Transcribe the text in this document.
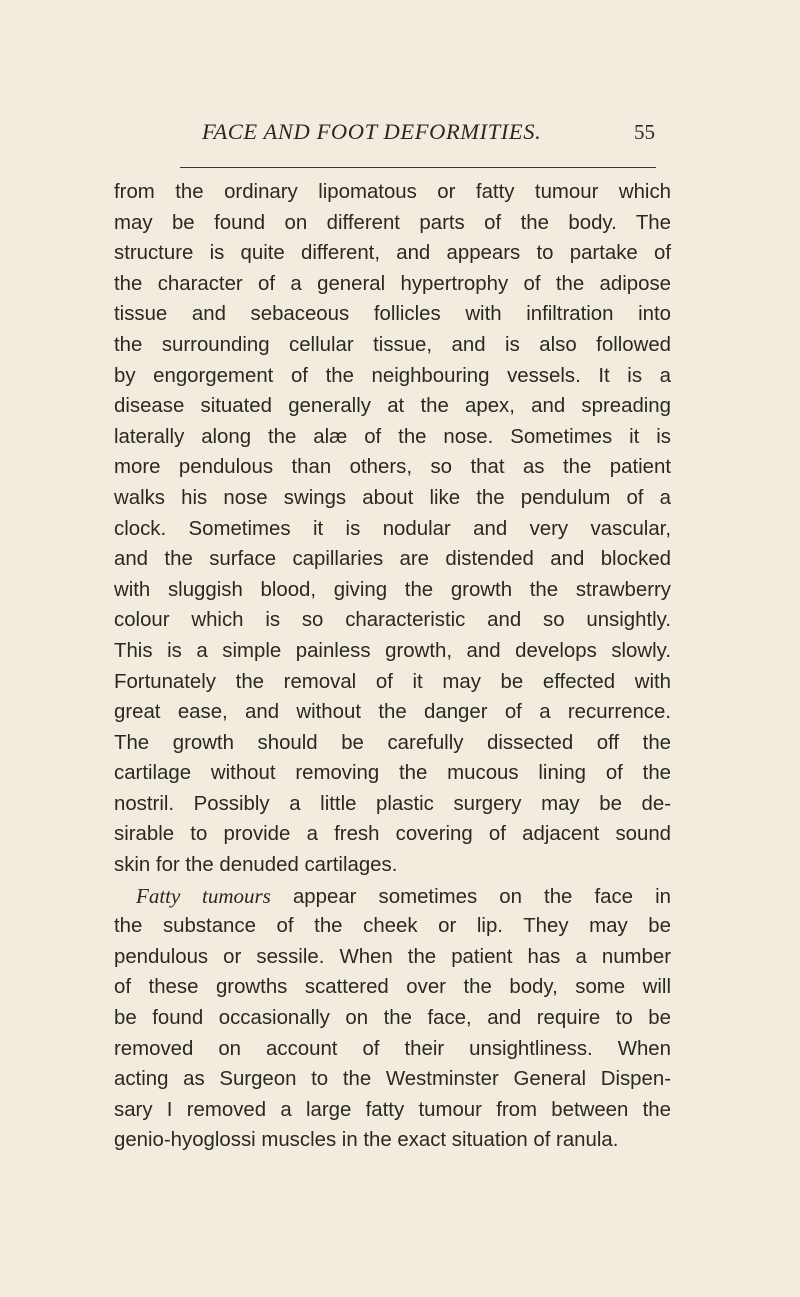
FACE AND FOOT DEFORMITIES.	55
from the ordinary lipomatous or fatty tumour which
may be found on different parts of the body. The
structure is quite different, and appears to partake of
the character of a general hypertrophy of the adipose
tissue and sebaceous follicles with infiltration into
the surrounding cellular tissue, and is also followed
by engorgement of the neighbouring vessels. It is a
disease situated generally at the apex, and spreading
laterally along the alæ of the nose. Sometimes it is
more pendulous than others, so that as the patient
walks his nose swings about like the pendulum of a
clock. Sometimes it is nodular and very vascular,
and the surface capillaries are distended and blocked
with sluggish blood, giving the growth the strawberry
colour which is so characteristic and so unsightly.
This is a simple painless growth, and develops slowly.
Fortunately the removal of it may be effected with
great ease, and without the danger of a recurrence.
The growth should be carefully dissected off the
cartilage without removing the mucous lining of the
nostril. Possibly a little plastic surgery may be de-
sirable to provide a fresh covering of adjacent sound
skin for the denuded cartilages.
Fatty tumours appear sometimes on the face in
the substance of the cheek or lip. They may be
pendulous or sessile. When the patient has a number
of these growths scattered over the body, some will
be found occasionally on the face, and require to be
removed on account of their unsightliness. When
acting as Surgeon to the Westminster General Dispen-
sary I removed a large fatty tumour from between the
genio-hyoglossi muscles in the exact situation of ranula.
